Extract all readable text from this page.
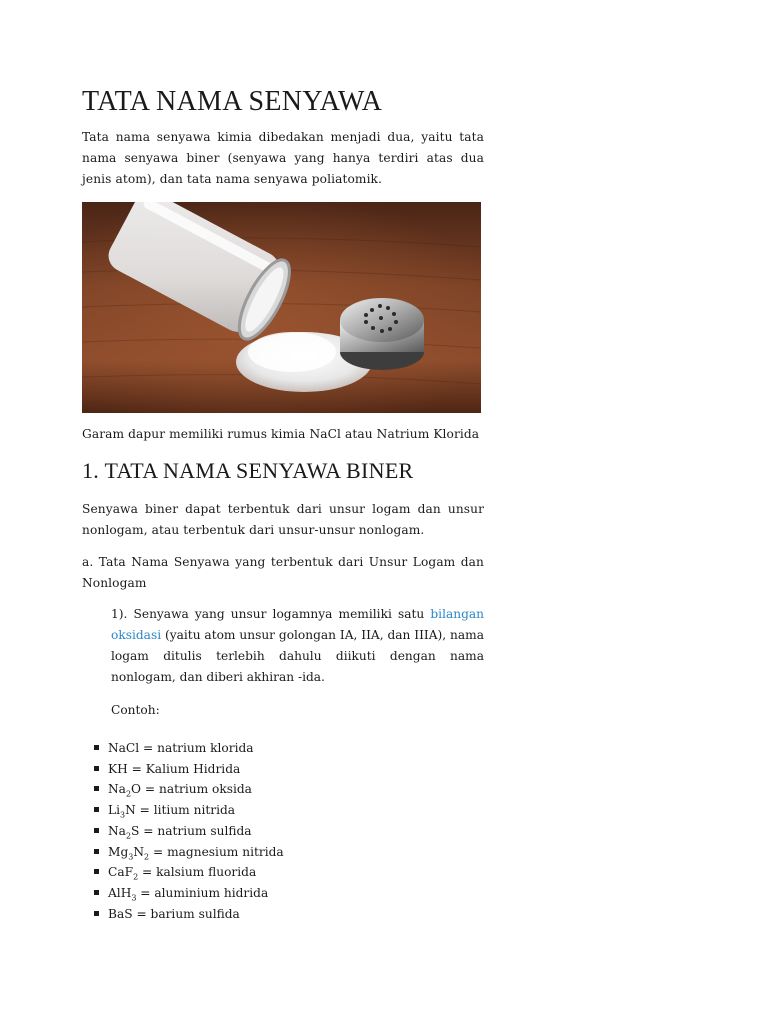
TATA NAMA SENYAWA

Tata nama senyawa kimia dibedakan menjadi dua, yaitu tata nama senyawa biner (senyawa yang hanya terdiri atas dua jenis atom), dan tata nama senyawa poliatomik.

Garam dapur memiliki rumus kimia NaCl atau Natrium Klorida

1. TATA NAMA SENYAWA BINER

Senyawa biner dapat terbentuk dari unsur logam dan unsur nonlogam, atau terbentuk dari unsur-unsur nonlogam.

a. Tata Nama Senyawa yang terbentuk dari Unsur Logam dan Nonlogam

1). Senyawa yang unsur logamnya memiliki satu bilangan oksidasi (yaitu atom unsur golongan IA, IIA, dan IIIA), nama logam ditulis terlebih dahulu diikuti dengan nama nonlogam, dan diberi akhiran -ida.

Contoh:

NaCl = natrium klorida
KH = Kalium Hidrida
$Na_2O$ = natrium oksida
$Li_3N$ = litium nitrida
$Na_2S$ = natrium sulfida
$Mg_3N_2$ = magnesium nitrida
CaF$_2$ = kalsium fluorida
AlH$_3$ = aluminium hidrida
BaS = barium sulfida
